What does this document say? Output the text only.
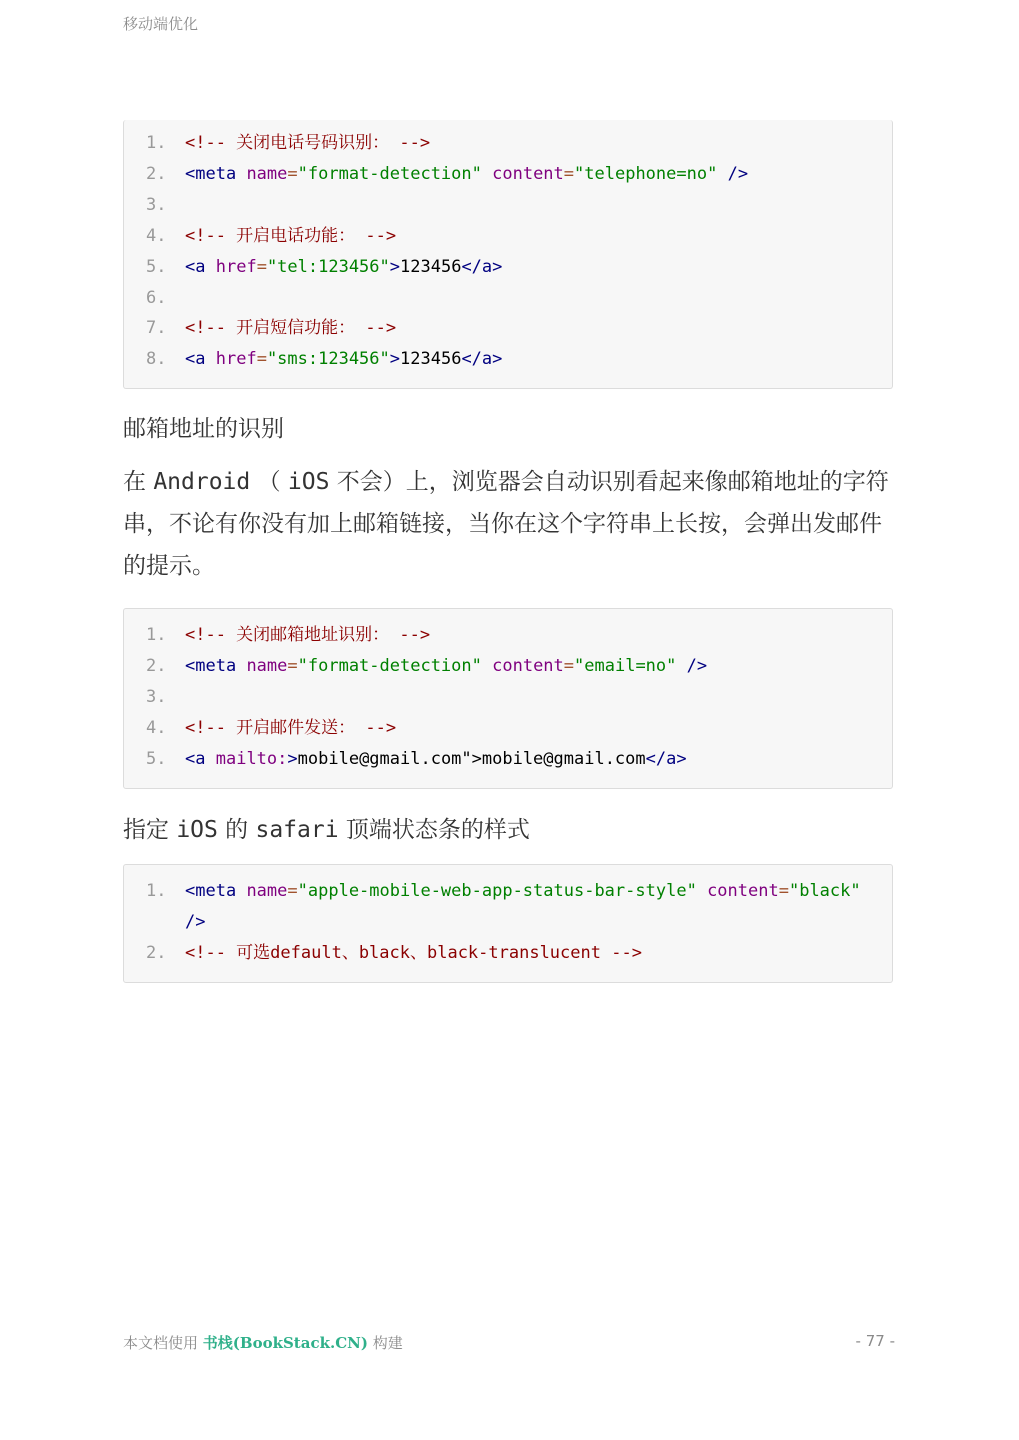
移动端优化
1.	<!-- 关闭电话号码识别： -->
2.	<meta name="format-detection" content="telephone=no" />
3.
4.	<!-- 开启电话功能： -->
5.	<a href="tel:123456">123456</a>
6.
7.	<!-- 开启短信功能： -->
8.	<a href="sms:123456">123456</a>
邮箱地址的识别
在 Android （ iOS 不会）上，浏览器会自动识别看起来像邮箱地址的字符串，不论有你没有加上邮箱链接，当你在这个字符串上长按，会弹出发邮件的提示。
1.	<!-- 关闭邮箱地址识别： -->
2.	<meta name="format-detection" content="email=no" />
3.
4.	<!-- 开启邮件发送： -->
5.	<a mailto:>mobile@gmail.com">mobile@gmail.com</a>
指定 iOS 的 safari 顶端状态条的样式
1.	<meta name="apple-mobile-web-app-status-bar-style" content="black"
/>
2.	<!-- 可选default、black、black-translucent -->
本文档使用 书栈(BookStack.CN) 构建	- 77 -
